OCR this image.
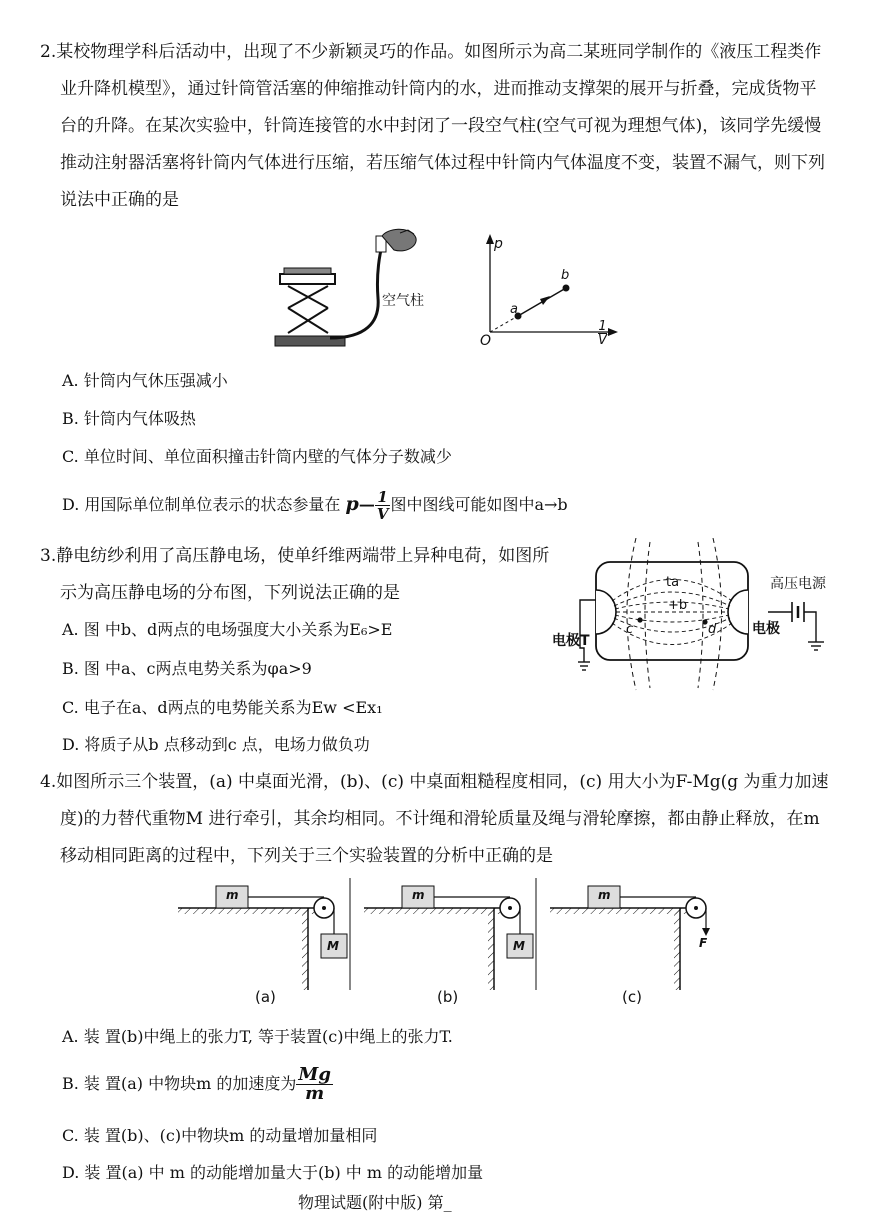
2.某校物理学科后活动中，出现了不少新颖灵巧的作品。如图所示为高二某班同学制作的《液压工程类作业升降机模型》，通过针筒管活塞的伸缩推动针筒内的水，进而推动支撑架的展开与折叠，完成货物平台的升降。在某次实验中，针筒连接管的水中封闭了一段空气柱(空气可视为理想气体)，该同学先缓慢推动注射器活塞将针筒内气体进行压缩，若压缩气体过程中针筒内气体温度不变，装置不漏气，则下列说法中正确的是
空气柱
p
O
a
b
$\frac{1}{V}$
A. 针筒内气休压强减小
B. 针筒内气体吸热
C. 单位时间、单位面积撞击针筒内壁的气体分子数减少
D. 用国际单位制单位表示的状态参量在 p— $\frac{1}{V}$ 图中图线可能如图中a→b
3.静电纺纱利用了高压静电场，使单纤维两端带上异种电荷，如图所示为高压静电场的分布图，下列说法正确的是	高压电源
电极T
电极
ta
+b
c	d
A. 图 中b、d两点的电场强度大小关系为E₆>E
B. 图 中a、c两点电势关系为φa>9
C. 电子在a、d两点的电势能关系为Ew <Ex₁
D. 将质子从b 点移动到c 点，电场力做负功
4.如图所示三个装置，(a) 中桌面光滑，(b)、(c) 中桌面粗糙程度相同，(c) 用大小为F-Mg(g 为重力加速度)的力替代重物M 进行牵引，其余均相同。不计绳和滑轮质量及绳与滑轮摩擦，都由静止释放，在m 移动相同距离的过程中，下列关于三个实验装置的分析中正确的是
m
M
m
M
m
F
(a)	(b)	(c)
A. 装 置(b)中绳上的张力T, 等于装置(c)中绳上的张力T.
B. 装 置(a) 中物块m 的加速度为 $\frac{Mg}{m}$
C. 装 置(b)、(c)中物块m 的动量增加量相同
D. 装 置(a) 中 m 的动能增加量大于(b) 中 m 的动能增加量
物理试题(附中版) 第_
